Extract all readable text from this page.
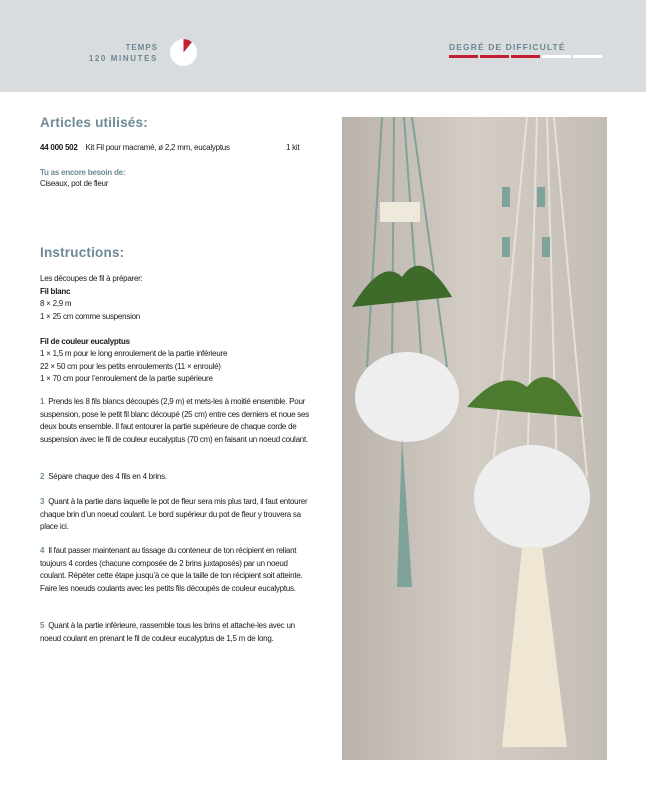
TEMPS
120 MINUTES
DEGRÉ DE DIFFICULTÉ
Articles utilisés:
44 000 502 Kit Fil pour macramé, ø 2,2 mm, eucalyptus	1 kit
Tu as encore besoin de:
Ciseaux, pot de fleur
Instructions:
Les découpes de fil à préparer:
Fil blanc
8 × 2,9 m
1 × 25 cm comme suspension
Fil de couleur eucalyptus
1 × 1,5 m pour le long enroulement de la partie inférieure
22 × 50 cm pour les petits enroulements (11 × enroulé)
1 × 70 cm pour l’enroulement de la partie supérieure
1 Prends les 8 fils blancs découpés (2,9 m) et mets-les à moitié ensemble. Pour suspension, pose le petit fil blanc découpé (25 cm) entre ces derniers et noue ses deux bouts ensemble. Il faut entourer la partie supérieure de chaque corde de suspension avec le fil de couleur eucalyptus (70 cm) en faisant un noeud coulant.
2 Sépare chaque des 4 fils en 4 brins.
3 Quant à la partie dans laquelle le pot de fleur sera mis plus tard, il faut entourer chaque brin d’un noeud coulant. Le bord supérieur du pot de fleur y trouvera sa place ici.
4 Il faut passer maintenant au tissage du conteneur de ton récipient en reliant toujours 4 cordes (chacune composée de 2 brins juxtaposés) par un noeud coulant. Répéter cette étape jusqu’à ce que la taille de ton récipient soit atteinte. Faire les noeuds coulants avec les petits fils découpés de couleur eucalyptus.
5 Quant à la partie inférieure, rassemble tous les brins et attache-les avec un noeud coulant en prenant le fil de couleur eucalyptus de 1,5 m de long.
